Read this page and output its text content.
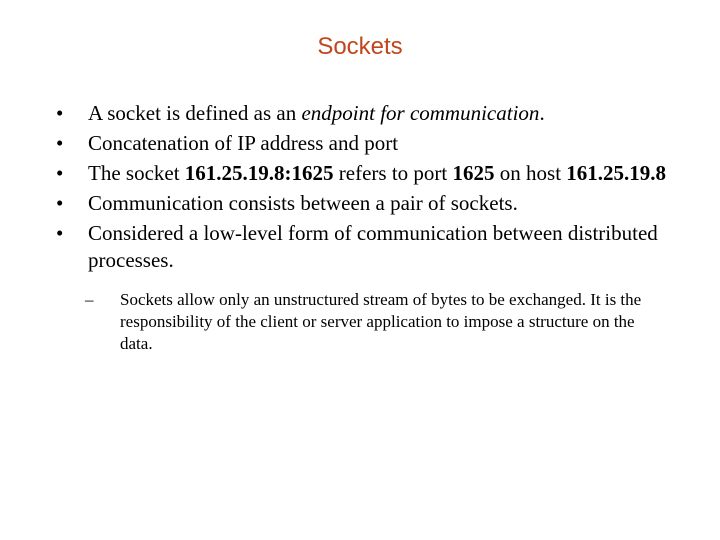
Sockets
•	A socket is defined as an endpoint for communication.
•	Concatenation of IP address and port
•	The socket 161.25.19.8:1625 refers to port 1625 on host 161.25.19.8
•	Communication consists between a pair of sockets.
•	Considered a low-level form of communication between distributed processes.
– Sockets allow only an unstructured stream of bytes to be exchanged. It is the responsibility of the client or server application to impose a structure on the data.
